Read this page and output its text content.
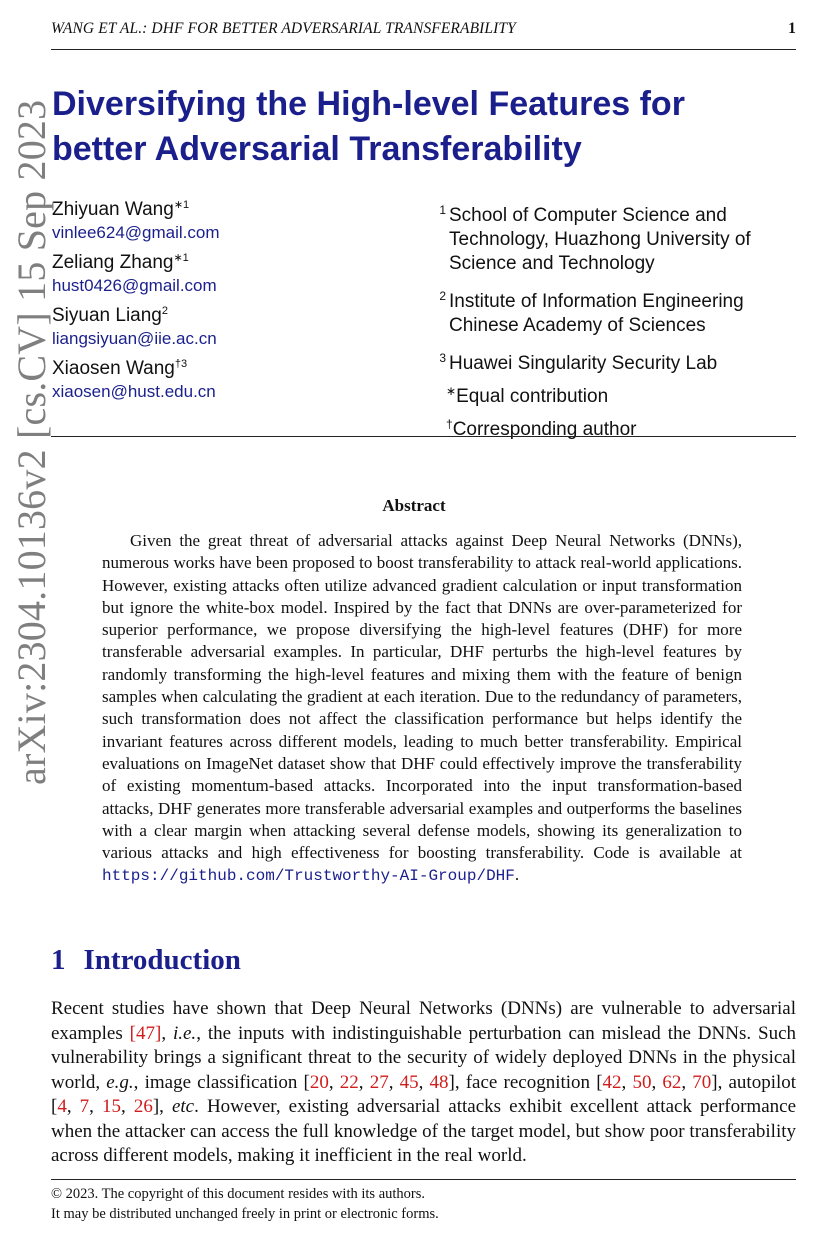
WANG ET AL.: DHF FOR BETTER ADVERSARIAL TRANSFERABILITY	1
arXiv:2304.10136v2 [cs.CV] 15 Sep 2023
Diversifying the High-level Features for
better Adversarial Transferability
Zhiyuan Wang$^{∗1}$
vinlee624@gmail.com
Zeliang Zhang$^{∗1}$
hust0426@gmail.com
Siyuan Liang$^2$
liangsiyuan@iie.ac.cn
Xiaosen Wang$^{\dagger 3}$
xiaosen@hust.edu.cn
1 School of Computer Science and
Technology, Huazhong University of
Science and Technology
2 Institute of Information Engineering
Chinese Academy of Sciences
3 Huawei Singularity Security Lab
∗Equal contribution
†Corresponding author
Abstract
Given the great threat of adversarial attacks against Deep Neural Networks (DNNs), numerous works have been proposed to boost transferability to attack real-world applications. However, existing attacks often utilize advanced gradient calculation or input transformation but ignore the white-box model. Inspired by the fact that DNNs are over-parameterized for superior performance, we propose diversifying the high-level features (DHF) for more transferable adversarial examples. In particular, DHF perturbs the high-level features by randomly transforming the high-level features and mixing them with the feature of benign samples when calculating the gradient at each iteration. Due to the redundancy of parameters, such transformation does not affect the classification performance but helps identify the invariant features across different models, leading to much better transferability. Empirical evaluations on ImageNet dataset show that DHF could effectively improve the transferability of existing momentum-based attacks. Incorporated into the input transformation-based attacks, DHF generates more transferable adversarial examples and outperforms the baselines with a clear margin when attacking several defense models, showing its generalization to various attacks and high effectiveness for boosting transferability. Code is available at https://github.com/Trustworthy-AI-Group/DHF.
1 Introduction
Recent studies have shown that Deep Neural Networks (DNNs) are vulnerable to adversarial examples [47], i.e., the inputs with indistinguishable perturbation can mislead the DNNs. Such vulnerability brings a significant threat to the security of widely deployed DNNs in the physical world, e.g., image classification [20, 22, 27, 45, 48], face recognition [42, 50, 62, 70], autopilot [4, 7, 15, 26], etc. However, existing adversarial attacks exhibit excellent attack performance when the attacker can access the full knowledge of the target model, but show poor transferability across different models, making it inefficient in the real world.
© 2023. The copyright of this document resides with its authors.
It may be distributed unchanged freely in print or electronic forms.
